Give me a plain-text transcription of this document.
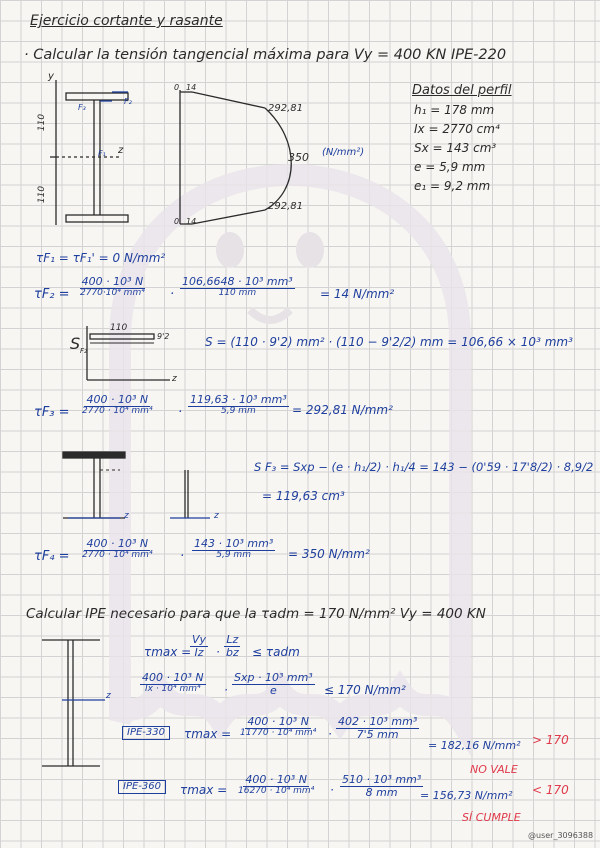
Ejercicio cortante y rasante
· Calcular la tensión tangencial máxima para Vy = 400 KN IPE-220
y
z
F₁
F₂
F₃
110
110
0 14
292,81
350 (N/mm²)
292,81
0 14
Datos del perfil
h₁ = 178 mm
Ix = 2770 cm⁴
Sx = 143 cm³
e = 5,9 mm
e₁ = 9,2 mm
τF₁ = τF₁' = 0 N/mm²
τF₂ =
400 · 10³ N
2770·10⁴ mm⁴ ·
106,6648 · 10³ mm³
110 mm	= 14 N/mm²
110
9'2
z
S F₂
S = (110 · 9'2) mm² · (110 − 9'2/2) mm = 106,66 × 10³ mm³
τF₃ =
400 · 10³ N
2770 · 10⁴ mm⁴ ·
119,63 · 10³ mm³
5,9 mm	= 292,81 N/mm²
z	z
S F₃ = Sxp − (e · h₁/2) · h₁/4 = 143 − (0'59 · 17'8/2) · 8,9/2
= 119,63 cm³
τF₄ =
400 · 10³ N
2770 · 10⁴ mm⁴ ·
143 · 10³ mm³
5,9 mm	= 350 N/mm²
Calcular IPE necesario para que la τadm = 170 N/mm² Vy = 400 KN
z
τmax =
$\frac{Vy}{Iz} \cdot \frac{Lz}{bz} \le \tau adm$
400 · 10³ N
Ix · 10⁴ mm⁴ ·
Sxp · 10³ mm³
e	≤ 170 N/mm²
IPE-330	τmax =
400 · 10³ N
11770 · 10⁴ $mm^4 \cdot \frac{\text{402 · 10³ mm³}}{7'5 mm}$
= 182,16 N/mm² > 170
NO VALE
IPE-360	τmax =
400 · 10³ N
16270 · 10⁴ $mm^4 \cdot \frac{\text{510 · 10³ mm³}}{8 mm}$
= 156,73 N/mm² < 170
SÍ CUMPLE
@user_3096388
